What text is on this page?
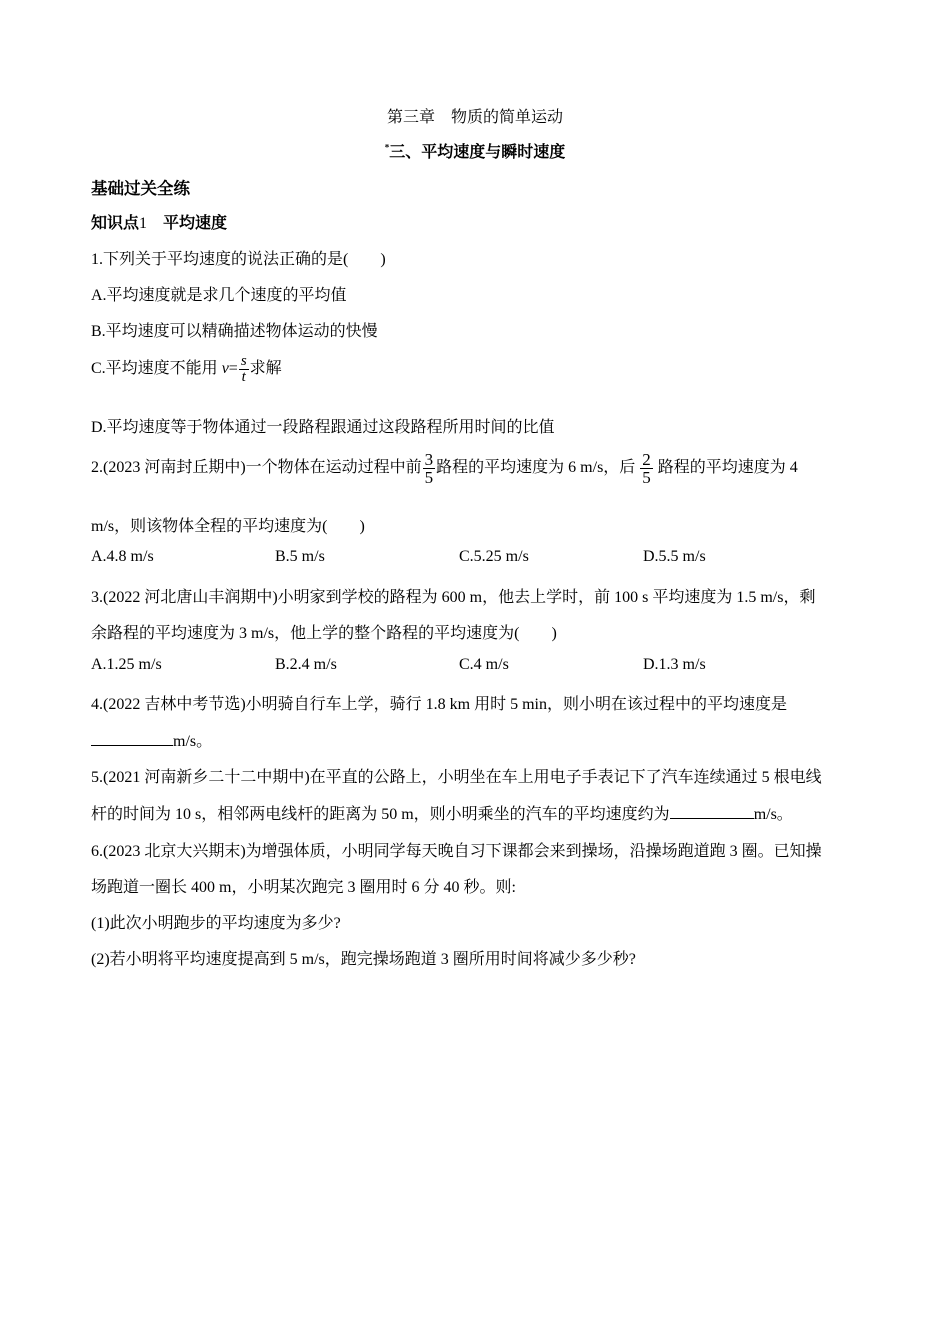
第三章　物质的简单运动
*三、平均速度与瞬时速度
基础过关全练
知识点1　 平均速度
1.下列关于平均速度的说法正确的是(　　)
A.平均速度就是求几个速度的平均值
B.平均速度可以精确描述物体运动的快慢
C.平均速度不能用 $v= \frac{s}{t}$ 求解
D.平均速度等于物体通过一段路程跟通过这段路程所用时间的比值
2.(2023 河南封丘期中)一个物体在运动过程中前 $\frac{3}{5}$ 路程的平均速度为 6 m/s，后 $\frac{2}{5}$ 路程的平均速度为 4
m/s，则该物体全程的平均速度为(　　)
A.4.8 m/s	B.5 m/s	C.5.25 m/s	D.5.5 m/s
3.(2022 河北唐山丰润期中)小明家到学校的路程为 600 m，他去上学时，前 100 s 平均速度为 1.5 m/s，剩
余路程的平均速度为 3 m/s，他上学的整个路程的平均速度为(　　)
A.1.25 m/s	B.2.4 m/s	C.4 m/s	D.1.3 m/s
4.(2022 吉林中考节选)小明骑自行车上学，骑行 1.8 km 用时 5 min，则小明在该过程中的平均速度是
m/s。
5.(2021 河南新乡二十二中期中)在平直的公路上，小明坐在车上用电子手表记下了汽车连续通过 5 根电线
杆的时间为 10 s，相邻两电线杆的距离为 50 m，则小明乘坐的汽车的平均速度约为	m/s。
6.(2023 北京大兴期末)为增强体质，小明同学每天晚自习下课都会来到操场，沿操场跑道跑 3 圈。已知操
场跑道一圈长 400 m，小明某次跑完 3 圈用时 6 分 40 秒。则:
(1)此次小明跑步的平均速度为多少?
(2)若小明将平均速度提高到 5 m/s，跑完操场跑道 3 圈所用时间将减少多少秒?
